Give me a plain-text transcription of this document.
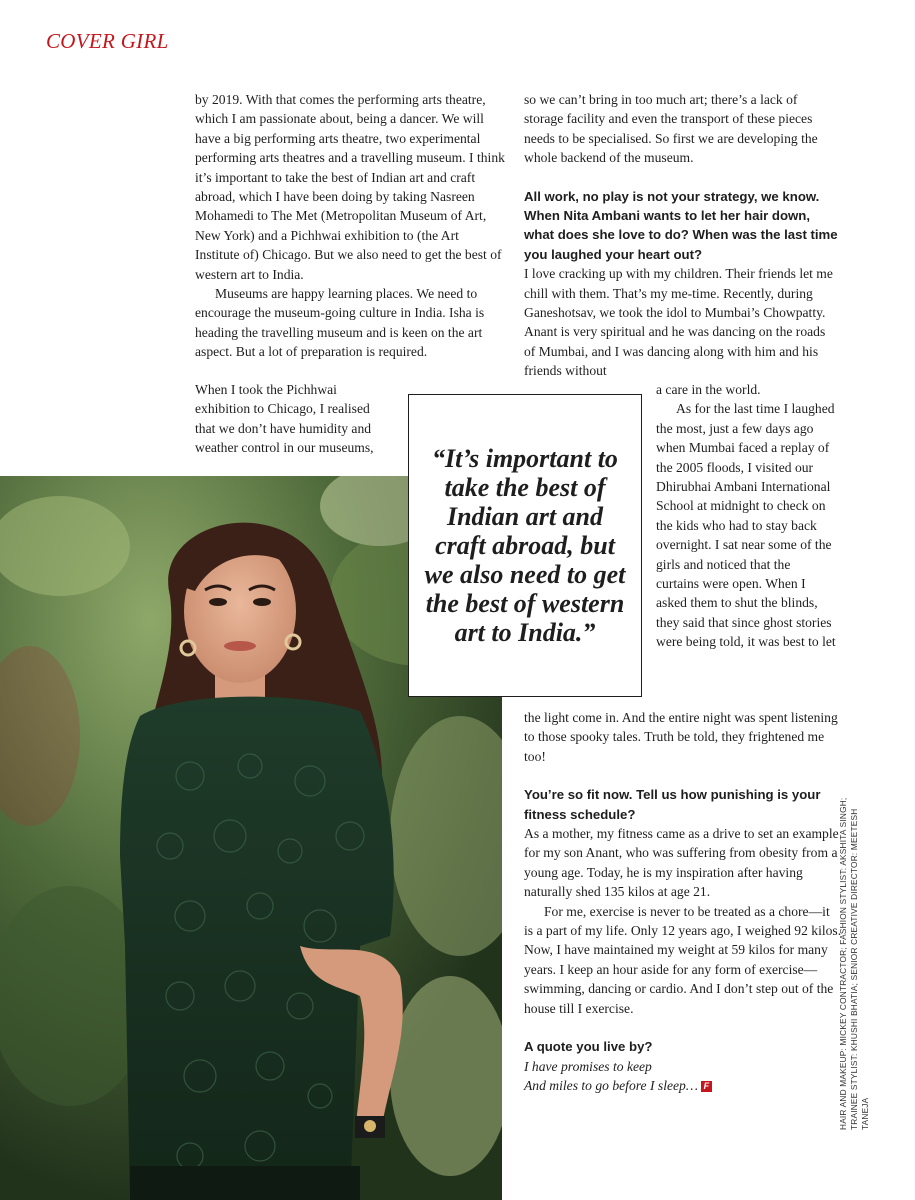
COVER GIRL

by 2019. With that comes the performing arts theatre, which I am passionate about, being a dancer. We will have a big performing arts theatre, two experimental performing arts theatres and a travelling museum. I think it’s important to take the best of Indian art and craft abroad, which I have been doing by taking Nasreen Mohamedi to The Met (Metropolitan Museum of Art, New York) and a Pichhwai exhibition to (the Art Institute of) Chicago. But we also need to get the best of western art to India.

Museums are happy learning places. We need to encourage the museum-going culture in India. Isha is heading the travelling museum and is keen on the art aspect. But a lot of preparation is required.

When I took the Pichhwai exhibition to Chicago, I realised that we don’t have humidity and weather control in our museums,

so we can’t bring in too much art; there’s a lack of storage facility and even the transport of these pieces needs to be specialised. So first we are developing the whole backend of the museum.

All work, no play is not your strategy, we know. When Nita Ambani wants to let her hair down, what does she love to do? When was the last time you laughed your heart out?

I love cracking up with my children. Their friends let me chill with them. That’s my me-time. Recently, during Ganeshotsav, we took the idol to Mumbai’s Chowpatty. Anant is very spiritual and he was dancing on the roads of Mumbai, and I was dancing along with him and his friends without

a care in the world.

As for the last time I laughed the most, just a few days ago when Mumbai faced a replay of the 2005 floods, I visited our Dhirubhai Ambani International School at midnight to check on the kids who had to stay back overnight. I sat near some of the girls and noticed that the curtains were open. When I asked them to shut the blinds, they said that since ghost stories were being told, it was best to let

the light come in. And the entire night was spent listening to those spooky tales. Truth be told, they frightened me too!

You’re so fit now. Tell us how punishing is your fitness schedule?

As a mother, my fitness came as a drive to set an example for my son Anant, who was suffering from obesity from a young age. Today, he is my inspiration after having naturally shed 135 kilos at age 21.

For me, exercise is never to be treated as a chore—it is a part of my life. Only 12 years ago, I weighed 92 kilos. Now, I have maintained my weight at 59 kilos for many years. I keep an hour aside for any form of exercise—swimming, dancing or cardio. And I don’t step out of the house till I exercise.

A quote you live by?

I have promises to keep

And miles to go before I sleep… F

“It’s important to take the best of Indian art and craft abroad, but we also need to get the best of western art to India.”
HAIR AND MAKEUP: MICKEY CONTRACTOR; FASHION STYLIST: AKSHITA SINGH; TRAINEE STYLIST: KHUSHI BHATIA; SENIOR CREATIVE DIRECTOR: MEETESH TANEJA
